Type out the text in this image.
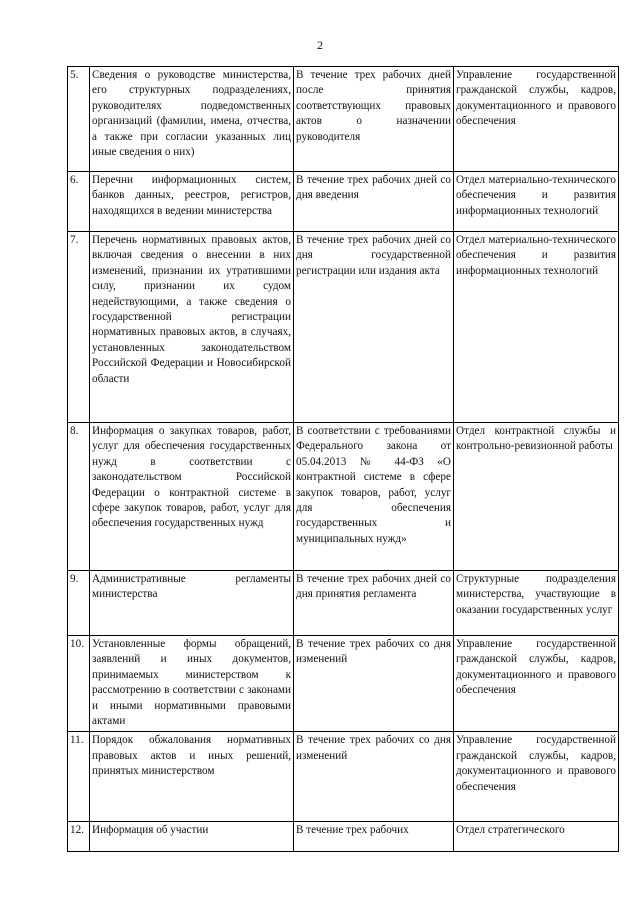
2
5.	Сведения о руководстве министерства, его структурных подразделениях, руководителях подведомственных организаций (фамилии, имена, отчества, а также при согласии указанных лиц иные сведения о них)	В течение трех рабочих дней после принятия соответствующих правовых актов о назначении руководителя	Управление государственной гражданской службы, кадров, документационного и правового обеспечения
6.	Перечни информационных систем, банков данных, реестров, регистров, находящихся в ведении министерства	В течение трех рабочих дней со дня введения	Отдел материально-технического обеспечения и развития информационных технологий
7.	Перечень нормативных правовых актов, включая сведения о внесении в них изменений, признании их утратившими силу, признании их судом недействующими, а также сведения о государственной регистрации нормативных правовых актов, в случаях, установленных законодательством Российской Федерации и Новосибирской области	В течение трех рабочих дней со дня государственной регистрации или издания акта	Отдел материально-технического обеспечения и развития информационных технологий
8.	Информация о закупках товаров, работ, услуг для обеспечения государственных нужд в соответствии с законодательством Российской Федерации о контрактной системе в сфере закупок товаров, работ, услуг для обеспечения государственных нужд	В соответствии с требованиями Федерального закона от 05.04.2013 № 44-ФЗ «О контрактной системе в сфере закупок товаров, работ, услуг для обеспечения государственных и муниципальных нужд»	Отдел контрактной службы и контрольно-ревизионной работы
9.	Административные регламенты министерства	В течение трех рабочих дней со дня принятия регламента	Структурные подразделения министерства, участвующие в оказании государственных услуг
10.	Установленные формы обращений, заявлений и иных документов, принимаемых министерством к рассмотрению в соответствии с законами и иными нормативными правовыми актами	В течение трех рабочих со дня изменений	Управление государственной гражданской службы, кадров, документационного и правового обеспечения
11.	Порядок обжалования нормативных правовых актов и иных решений, принятых министерством	В течение трех рабочих со дня изменений	Управление государственной гражданской службы, кадров, документационного и правового обеспечения
12.	Информация об участии	В течение трех рабочих	Отдел стратегического
